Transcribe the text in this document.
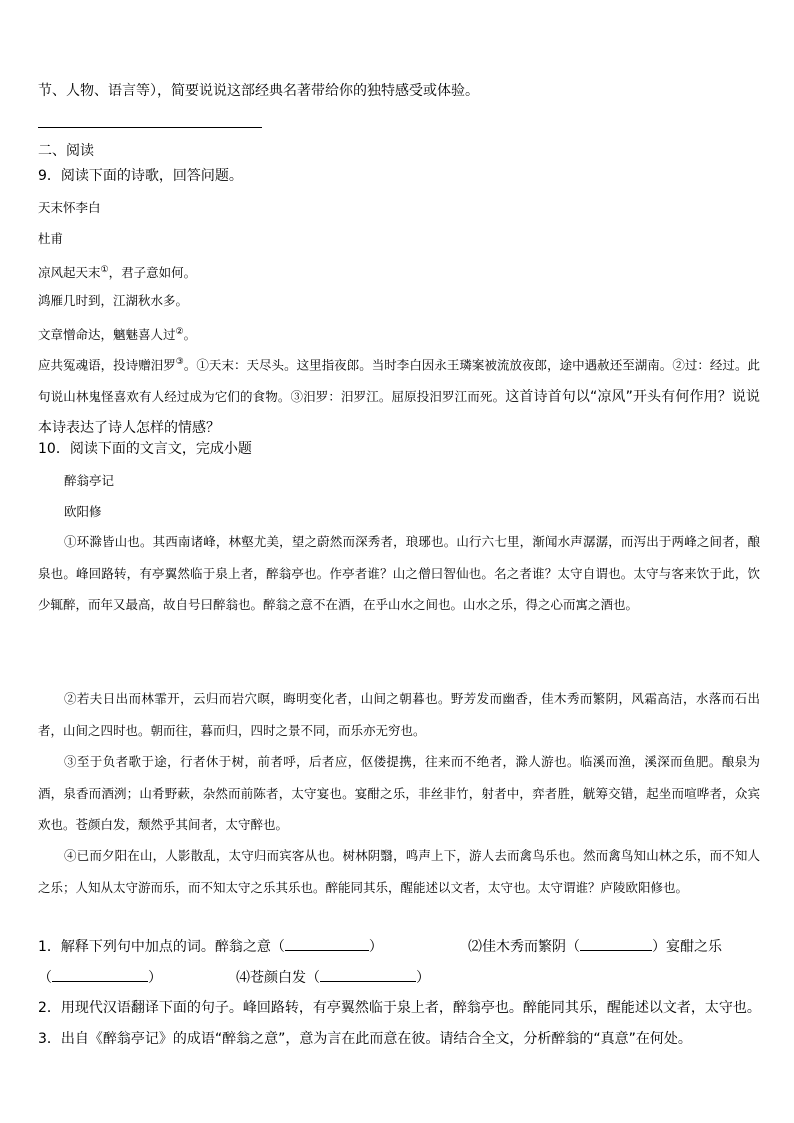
节、人物、语言等），简要说说这部经典名著带给你的独特感受或体验。
二、阅读
9．阅读下面的诗歌，回答问题。
天末怀李白
杜甫
凉风起天末①，君子意如何。
鸿雁几时到，江湖秋水多。
文章憎命达，魑魅喜人过②。
应共冤魂语，投诗赠汨罗③。①天末：天尽头。这里指夜郎。当时李白因永王璘案被流放夜郎，途中遇赦还至湖南。②过：经过。此句说山林鬼怪喜欢有人经过成为它们的食物。③汨罗：汨罗江。屈原投汨罗江而死。这首诗首句以“凉风”开头有何作用？说说本诗表达了诗人怎样的情感？
10．阅读下面的文言文，完成小题
醉翁亭记
欧阳修
①环滁皆山也。其西南诸峰，林壑尤美，望之蔚然而深秀者，琅琊也。山行六七里，渐闻水声潺潺，而泻出于两峰之间者，酿泉也。峰回路转，有亭翼然临于泉上者，醉翁亭也。作亭者谁？山之僧曰智仙也。名之者谁？太守自谓也。太守与客来饮于此，饮少辄醉，而年又最高，故自号曰醉翁也。醉翁之意不在酒，在乎山水之间也。山水之乐，得之心而寓之酒也。
②若夫日出而林霏开，云归而岩穴暝，晦明变化者，山间之朝暮也。野芳发而幽香，佳木秀而繁阴，风霜高洁，水落而石出者，山间之四时也。朝而往，暮而归，四时之景不同，而乐亦无穷也。
③至于负者歌于途，行者休于树，前者呼，后者应，伛偻提携，往来而不绝者，滁人游也。临溪而渔，溪深而鱼肥。酿泉为酒，泉香而酒洌；山肴野蔌，杂然而前陈者，太守宴也。宴酣之乐，非丝非竹，射者中，弈者胜，觥筹交错，起坐而喧哗者，众宾欢也。苍颜白发，颓然乎其间者，太守醉也。
④已而夕阳在山，人影散乱，太守归而宾客从也。树林阴翳，鸣声上下，游人去而禽鸟乐也。然而禽鸟知山林之乐，而不知人之乐；人知从太守游而乐，而不知太守之乐其乐也。醉能同其乐，醒能述以文者，太守也。太守谓谁？庐陵欧阳修也。
1．解释下列句中加点的词。醉翁之意（	）	⑵佳木秀而繁阴（	）宴酣之乐
（	）	⑷苍颜白发（	）
2．用现代汉语翻译下面的句子。峰回路转，有亭翼然临于泉上者，醉翁亭也。醉能同其乐，醒能述以文者，太守也。
3．出自《醉翁亭记》的成语“醉翁之意”，意为言在此而意在彼。请结合全文，分析醉翁的“真意”在何处。
